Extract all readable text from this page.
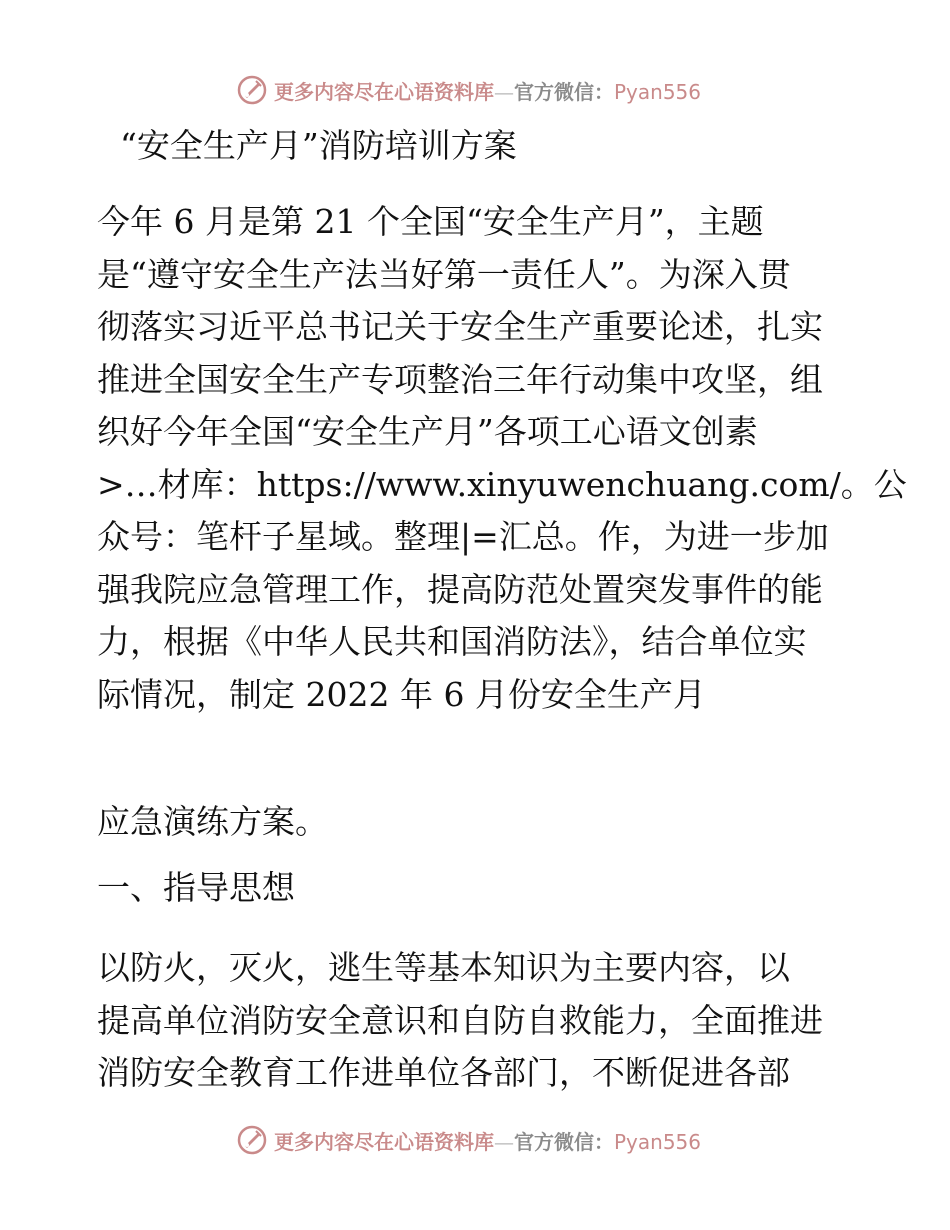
更多内容尽在心语资料库—官方微信：Pyan556
“安全生产月”消防培训方案
今年 6 月是第 21 个全国“安全生产月”，主题
是“遵守安全生产法当好第一责任人”。为深入贯
彻落实习近平总书记关于安全生产重要论述，扎实
推进全国安全生产专项整治三年行动集中攻坚，组
织好今年全国“安全生产月”各项工心语文创素
>…材库：https://www.xinyuwenchuang.com/。公
众号：笔杆子星域。整理|=汇总。作，为进一步加
强我院应急管理工作，提高防范处置突发事件的能
力，根据《中华人民共和国消防法》，结合单位实
际情况，制定 2022 年 6 月份安全生产月
应急演练方案。
一、指导思想
以防火，灭火，逃生等基本知识为主要内容，以
提高单位消防安全意识和自防自救能力，全面推进
消防安全教育工作进单位各部门，不断促进各部
更多内容尽在心语资料库—官方微信：Pyan556
